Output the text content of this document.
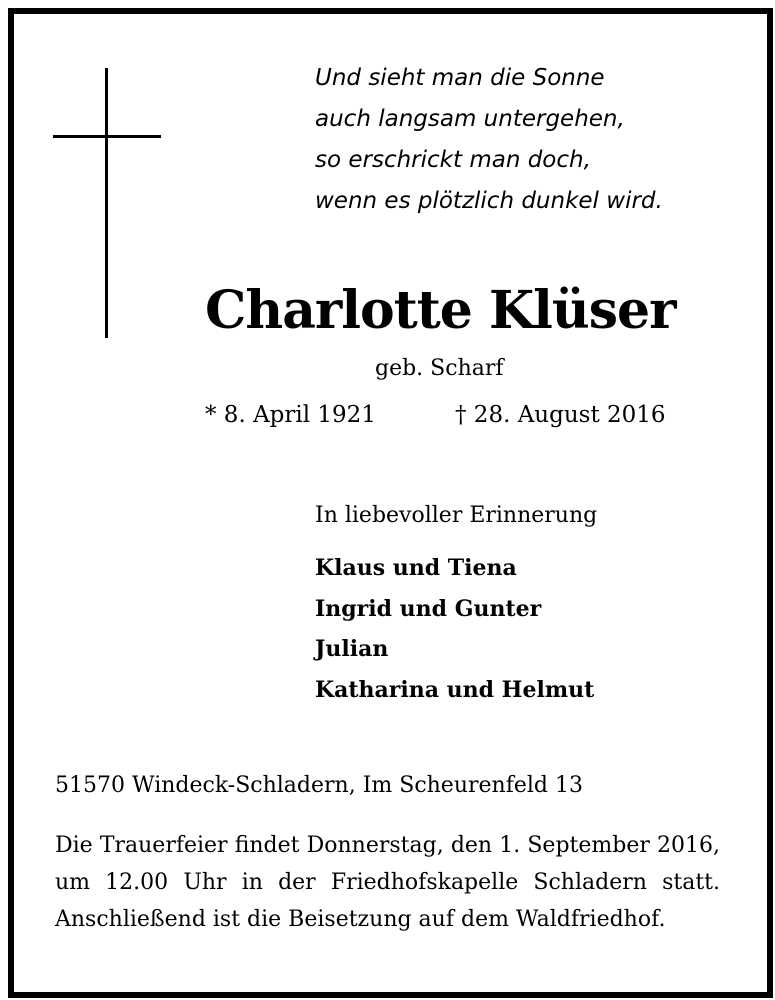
Und sieht man die Sonne
auch langsam untergehen,
so erschrickt man doch,
wenn es plötzlich dunkel wird.
Charlotte Klüser
geb. Scharf
* 8. April 1921	† 28. August 2016
In liebevoller Erinnerung
Klaus und Tiena
Ingrid und Gunter
Julian
Katharina und Helmut
51570 Windeck-Schladern, Im Scheurenfeld 13
Die Trauerfeier findet Donnerstag, den 1. September 2016,
um 12.00 Uhr in der Friedhofskapelle Schladern statt.
Anschließend ist die Beisetzung auf dem Waldfriedhof.
